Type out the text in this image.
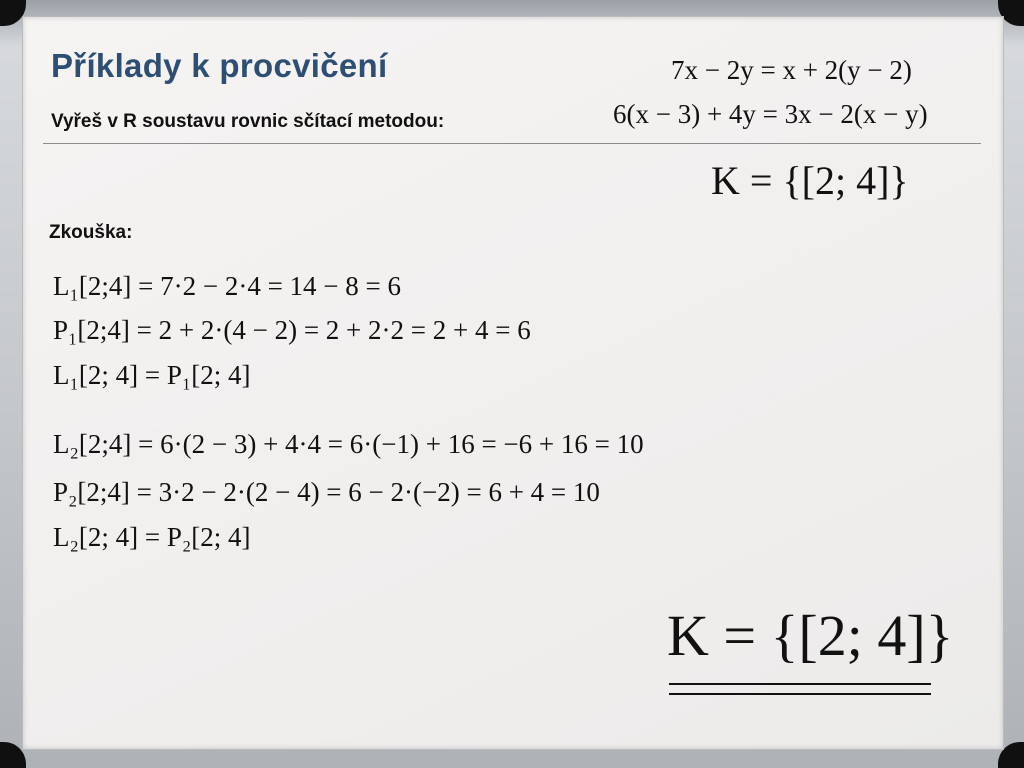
Příklady k procvičení
Vyřeš v R soustavu rovnic sčítací metodou:
7x − 2y = x + 2(y − 2)
6(x − 3) + 4y = 3x − 2(x − y)
K = {[2; 4]}
Zkouška:
L₁[2;4] = 7·2 − 2·4 = 14 − 8 = 6
P₁[2;4] = 2 + 2·(4 − 2) = 2 + 2·2 = 2 + 4 = 6
L₁[2; 4] = P₁[2; 4]
L₂[2;4] = 6·(2 − 3) + 4·4 = 6·(−1) + 16 = −6 + 16 = 10
P₂[2;4] = 3·2 − 2·(2 − 4) = 6 − 2·(−2) = 6 + 4 = 10
L₂[2; 4] = P₂[2; 4]
K = {[2; 4]}
